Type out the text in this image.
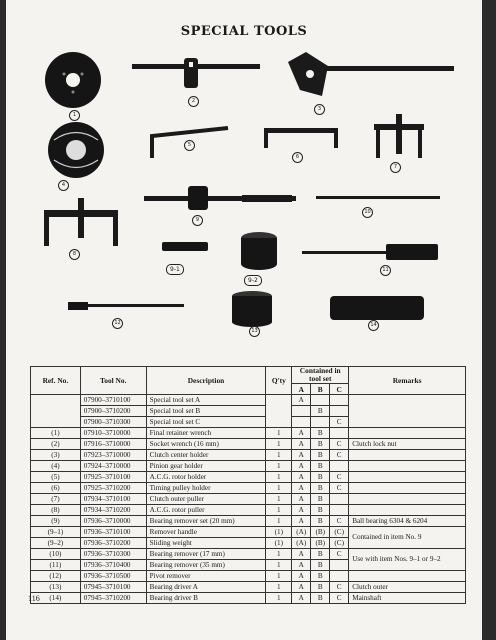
SPECIAL TOOLS
1
2
3
4
5
6
7
8
9
10
11
9-1
9-2
12
13
14
Ref. No.	Tool No.	Description	Q'ty	Contained in tool set			Remarks
				A	B	C	
	07900–3710100	Special tool set A		A			
	07900–3710200	Special tool set B			B		
	07900–3710300	Special tool set C				C	
(1)	07910–3710000	Final retainer wrench	1	A	B		
(2)	07916–3710000	Socket wrench (16 mm)	1	A	B	C	Clutch lock nut
(3)	07923–3710000	Clutch center holder	1	A	B	C	
(4)	07924–3710000	Pinion gear holder	1	A	B		
(5)	07925–3710100	A.C.G. rotor holder	1	A	B	C	
(6)	07925–3710200	Timing pulley holder	1	A	B	C	
(7)	07934–3710100	Clutch outer puller	1	A	B		
(8)	07934–3710200	A.C.G. rotor puller	1	A	B		
(9)	07936–3710000	Bearing remover set (20 mm)	1	A	B	C	Ball bearing 6304 & 6204
(9–1)	07936–3710100	Remover handle	(1)	(A)	(B)	(C)	Contained in item No. 9
(9–2)	07936–3710200	Sliding weight	(1)	(A)	(B)	(C)	
(10)	07936–3710300	Bearing remover (17 mm)	1	A	B	C	Use with item Nos. 9–1 or 9–2
(11)	07936–3710400	Bearing remover (35 mm)	1	A	B		
(12)	07936–3710500	Pivot remover	1	A	B		
(13)	07945–3710100	Bearing driver A	1	A	B	C	Clutch outer
(14)	07945–3710200	Bearing driver B	1	A	B	C	Mainshaft
116
